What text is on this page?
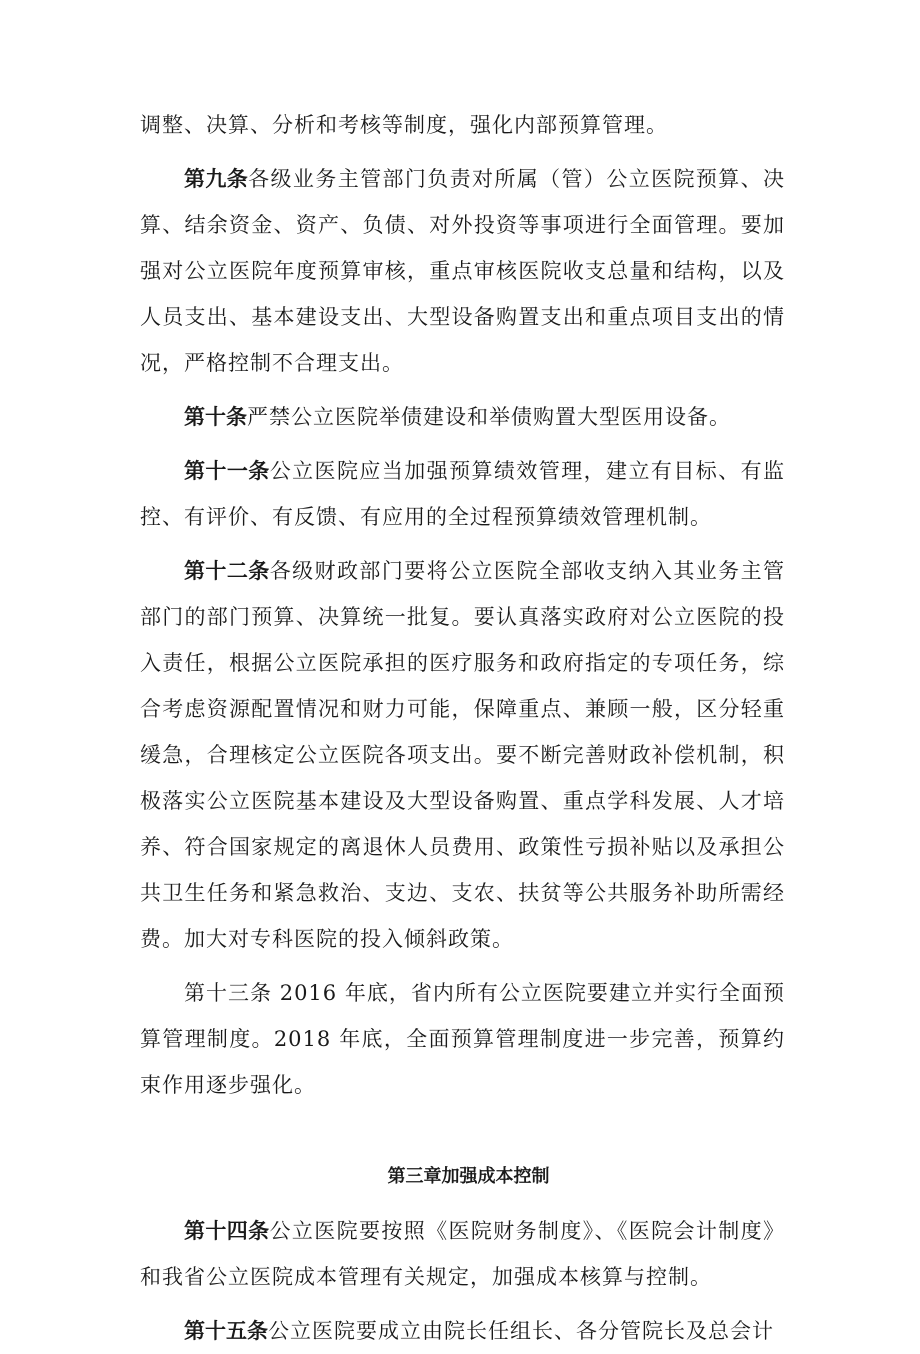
调整、决算、分析和考核等制度，强化内部预算管理。

第九条各级业务主管部门负责对所属（管）公立医院预算、决算、结余资金、资产、负债、对外投资等事项进行全面管理。要加强对公立医院年度预算审核，重点审核医院收支总量和结构，以及人员支出、基本建设支出、大型设备购置支出和重点项目支出的情况，严格控制不合理支出。

第十条严禁公立医院举债建设和举债购置大型医用设备。

第十一条公立医院应当加强预算绩效管理，建立有目标、有监控、有评价、有反馈、有应用的全过程预算绩效管理机制。

第十二条各级财政部门要将公立医院全部收支纳入其业务主管部门的部门预算、决算统一批复。要认真落实政府对公立医院的投入责任，根据公立医院承担的医疗服务和政府指定的专项任务，综合考虑资源配置情况和财力可能，保障重点、兼顾一般，区分轻重缓急，合理核定公立医院各项支出。要不断完善财政补偿机制，积极落实公立医院基本建设及大型设备购置、重点学科发展、人才培养、符合国家规定的离退休人员费用、政策性亏损补贴以及承担公共卫生任务和紧急救治、支边、支农、扶贫等公共服务补助所需经费。加大对专科医院的投入倾斜政策。

第十三条 2016 年底，省内所有公立医院要建立并实行全面预算管理制度。2018 年底，全面预算管理制度进一步完善，预算约束作用逐步强化。

第三章加强成本控制

第十四条公立医院要按照《医院财务制度》、《医院会计制度》和我省公立医院成本管理有关规定，加强成本核算与控制。

第十五条公立医院要成立由院长任组长、各分管院长及总会计
